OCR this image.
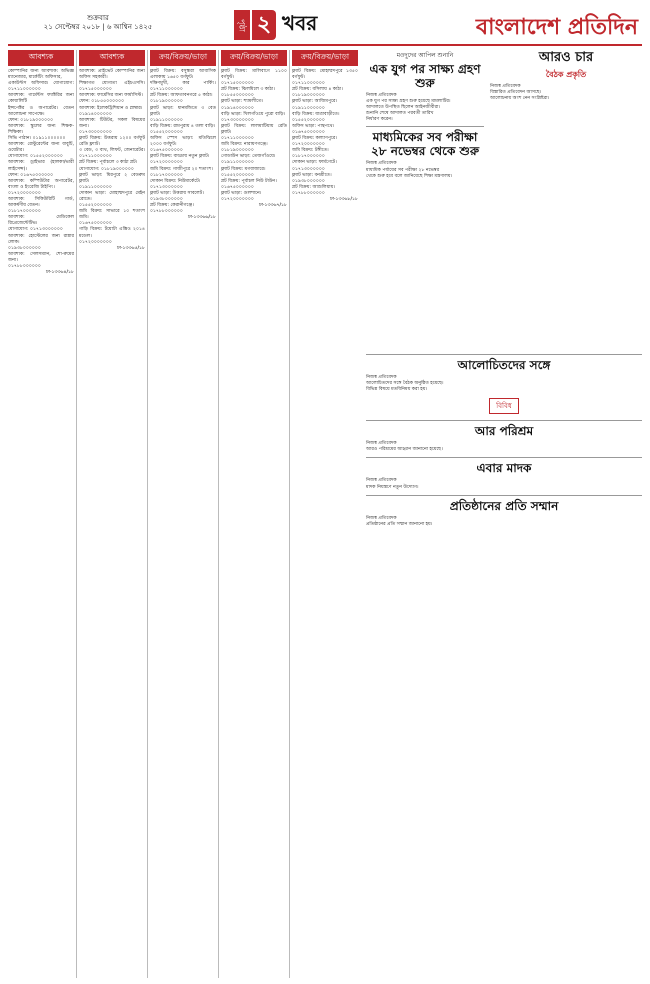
শুক্রবার
২১ সেপ্টেম্বর ২০১৮ | ৬ আশ্বিন ১৪২৫	পৃষ্ঠা ২ খবর	বাংলাদেশ প্রতিদিন
আবশ্যক
কোম্পানির জন্য আবশ্যক: অভিজ্ঞ ম্যানেজার, মার্কেটিং অফিসার,
একাউন্টস অফিসার। যোগাযোগ: ০১৭১১০০০০০০
আবশ্যক: গার্মেন্টস ফ্যাক্টরির জন্য কোয়ালিটি
ইন্সপেক্টর ও অপারেটর। বেতন আলোচনা সাপেক্ষে।
ফোন: ০১৮১৯০০০০০০
আবশ্যক: স্কুলের জন্য শিক্ষক-শিক্ষিকা।
সিভি পাঠান। ০১৯১১০০০০০০
আবশ্যক: রেস্টুরেন্টের জন্য বাবুর্চি, ওয়েটার।
যোগাযোগ: ০১৫৫২০০০০০০
আবশ্যক: ড্রাইভার (হালকা/ভারী লাইসেন্স)।
ফোন: ০১৬৭৫০০০০০০
আবশ্যক: কম্পিউটার অপারেটর, বাংলা ও ইংরেজি টাইপিং।
০১৭২০০০০০০০
আবশ্যক: সিকিউরিটি গার্ড, আকর্ষণীয় বেতন।
০১৮১৭০০০০০০
আবশ্যক: মেডিকেল রিপ্রেজেন্টেটিভ।
যোগাযোগ: ০১৭১৩০০০০০০
আবশ্যক: হোস্টেলের জন্য রান্নার লোক।
০১৯৩৮০০০০০০
আবশ্যক: সেলসম্যান, শো-রুমের জন্য।
০১৭৮৮০০০০০০
ঢা-১৩৩৬৪/১৮
আবশ্যক
আবশ্যক: প্রাইভেট কোম্পানির জন্য অফিস সহকারী।
শিক্ষাগত যোগ্যতা এইচএসসি। ০১৭১৫০০০০০০
আবশ্যক: ফার্মেসির জন্য ফার্মাসিস্ট।
ফোন: ০১৮৫৫০০০০০০
আবশ্যক: ইলেকট্রিশিয়ান ও প্লাম্বার।
০১৯১৪০০০০০০
আবশ্যক: টিউটর, সকল বিষয়ের জন্য।
০১৭৩০০০০০০০
ফ্ল্যাট বিক্রয়: উত্তরায় ১২০০ বর্গফুট রেডি ফ্ল্যাট।
৩ বেড, ৩ বাথ, লিফট, জেনারেটর। ০১৭১১০০০০০০
প্লট বিক্রয়: পূর্বাচলে ৩ কাঠা প্লট।
যোগাযোগ: ০১৮১৯০০০০০০
ফ্ল্যাট ভাড়া: মিরপুরে ২ বেডরুম ফ্ল্যাট।
০১৯১১০০০০০০
দোকান ভাড়া: মোহাম্মদপুরে মেইন রোডে।
০১৫৫২০০০০০০
জমি বিক্রয়: সাভারে ১০ শতাংশ জমি।
০১৬৭৫০০০০০০
গাড়ি বিক্রয়: টয়োটা এক্সিও ২০১৪ মডেল।
০১৭২০০০০০০০
ঢা-১৩৩৬৫/১৮
ক্রয়/বিক্রয়/ভাড়া
ফ্ল্যাট বিক্রয়: বসুন্ধরা আবাসিক এলাকায় ১৬৫০ বর্গফুট।
দক্ষিণমুখী, কার পার্কিং। ০১৭১১০০০০০০
প্লট বিক্রয়: আফতাবনগরে ৫ কাঠা।
০১৮১৯০০০০০০
ফ্ল্যাট ভাড়া: ধানমন্ডিতে ৩ বেড ফ্ল্যাট।
০১৯১১০০০০০০
বাড়ি বিক্রয়: রামপুরায় ৪ তলা বাড়ি।
০১৫৫২০০০০০০
অফিস স্পেস ভাড়া: মতিঝিলে ২০০০ বর্গফুট।
০১৬৭৫০০০০০০
ফ্ল্যাট বিক্রয়: বাড্ডায় নতুন ফ্ল্যাট।
০১৭২০০০০০০০
জমি বিক্রয়: গাজীপুরে ২০ শতাংশ।
০১৮১৭০০০০০০
দোকান বিক্রয়: নিউমার্কেটে।
০১৭১৩০০০০০০
ফ্ল্যাট ভাড়া: উত্তরায় সাবলেট।
০১৯৩৮০০০০০০
প্লট বিক্রয়: কেরানীগঞ্জে।
০১৭৮৮০০০০০০
ঢা-১৩৩৬৬/১৮
ক্রয়/বিক্রয়/ভাড়া
ফ্ল্যাট বিক্রয়: মালিবাগে ১১০০ বর্গফুট।
০১৭১৫০০০০০০
প্লট বিক্রয়: ঝিলমিলে ৩ কাঠা।
০১৮৫৫০০০০০০
ফ্ল্যাট ভাড়া: শ্যামলীতে।
০১৯১৪০০০০০০
বাড়ি ভাড়া: খিলগাঁওয়ে পুরো বাড়ি।
০১৭৩০০০০০০০
ফ্ল্যাট বিক্রয়: লালমাটিয়ায় রেডি ফ্ল্যাট।
০১৭১১০০০০০০
জমি বিক্রয়: নারায়ণগঞ্জে।
০১৮১৯০০০০০০
গোডাউন ভাড়া: তেজগাঁওয়ে।
০১৯১১০০০০০০
ফ্ল্যাট বিক্রয়: মগবাজারে।
০১৫৫২০০০০০০
প্লট বিক্রয়: পূর্বাচল নিউ টাউন।
০১৬৭৫০০০০০০
ফ্ল্যাট ভাড়া: গুলশানে।
০১৭২০০০০০০০
ঢা-১৩৩৬৭/১৮
ক্রয়/বিক্রয়/ভাড়া
ফ্ল্যাট বিক্রয়: মোহাম্মদপুরে ১৩৫০ বর্গফুট।
০১৭১১০০০০০০
প্লট বিক্রয়: বসিলায় ৪ কাঠা।
০১৮১৯০০০০০০
ফ্ল্যাট ভাড়া: আজিমপুরে।
০১৯১১০০০০০০
বাড়ি বিক্রয়: যাত্রাবাড়ীতে।
০১৫৫২০০০০০০
অফিস ভাড়া: পান্থপথে।
০১৬৭৫০০০০০০
ফ্ল্যাট বিক্রয়: কল্যাণপুরে।
০১৭২০০০০০০০
জমি বিক্রয়: টঙ্গীতে।
০১৮১৭০০০০০০
দোকান ভাড়া: ফার্মগেটে।
০১৭১৩০০০০০০
ফ্ল্যাট ভাড়া: বনশ্রীতে।
০১৯৩৮০০০০০০
প্লট বিক্রয়: আশুলিয়ায়।
০১৭৮৮০০০০০০
ঢা-১৩৩৬৮/১৮
মওদুদের আপিল শুনানি
এক যুগ পর সাক্ষ্য গ্রহণ শুরু
নিজস্ব প্রতিবেদক
এক যুগ পর সাক্ষ্য গ্রহণ শুরু হয়েছে মামলাটির।
আদালতে উপস্থিত ছিলেন আইনজীবীরা।
শুনানি শেষে আদালত পরবর্তী তারিখ
নির্ধারণ করেন।
মাধ্যমিকের সব পরীক্ষা ২৮ নভেম্বর থেকে শুরু
নিজস্ব প্রতিবেদক
মাধ্যমিক পর্যায়ের সব পরীক্ষা ২৮ নভেম্বর
থেকে শুরু হবে বলে জানিয়েছে শিক্ষা মন্ত্রণালয়।
আরও চার
বৈঠক প্রকৃতি
নিজস্ব প্রতিবেদক
বিস্তারিত প্রতিবেদন আসছে।
আলোচনায় অংশ নেন সংশ্লিষ্টরা।
আলোচিতদের সঙ্গে
নিজস্ব প্রতিবেদক
আলোচিতদের সঙ্গে বৈঠক অনুষ্ঠিত হয়েছে।
বিভিন্ন বিষয়ে মতবিনিময় করা হয়।
বিবিধ
আর পরিশ্রম
নিজস্ব প্রতিবেদক
আরও পরিশ্রমের আহ্বান জানানো হয়েছে।
এবার মাদক
নিজস্ব প্রতিবেদক
মাদক নিয়ন্ত্রণে নতুন উদ্যোগ।
প্রতিষ্ঠানের প্রতি সম্মান
নিজস্ব প্রতিবেদক
প্রতিষ্ঠানের প্রতি সম্মান জানানো হয়।
